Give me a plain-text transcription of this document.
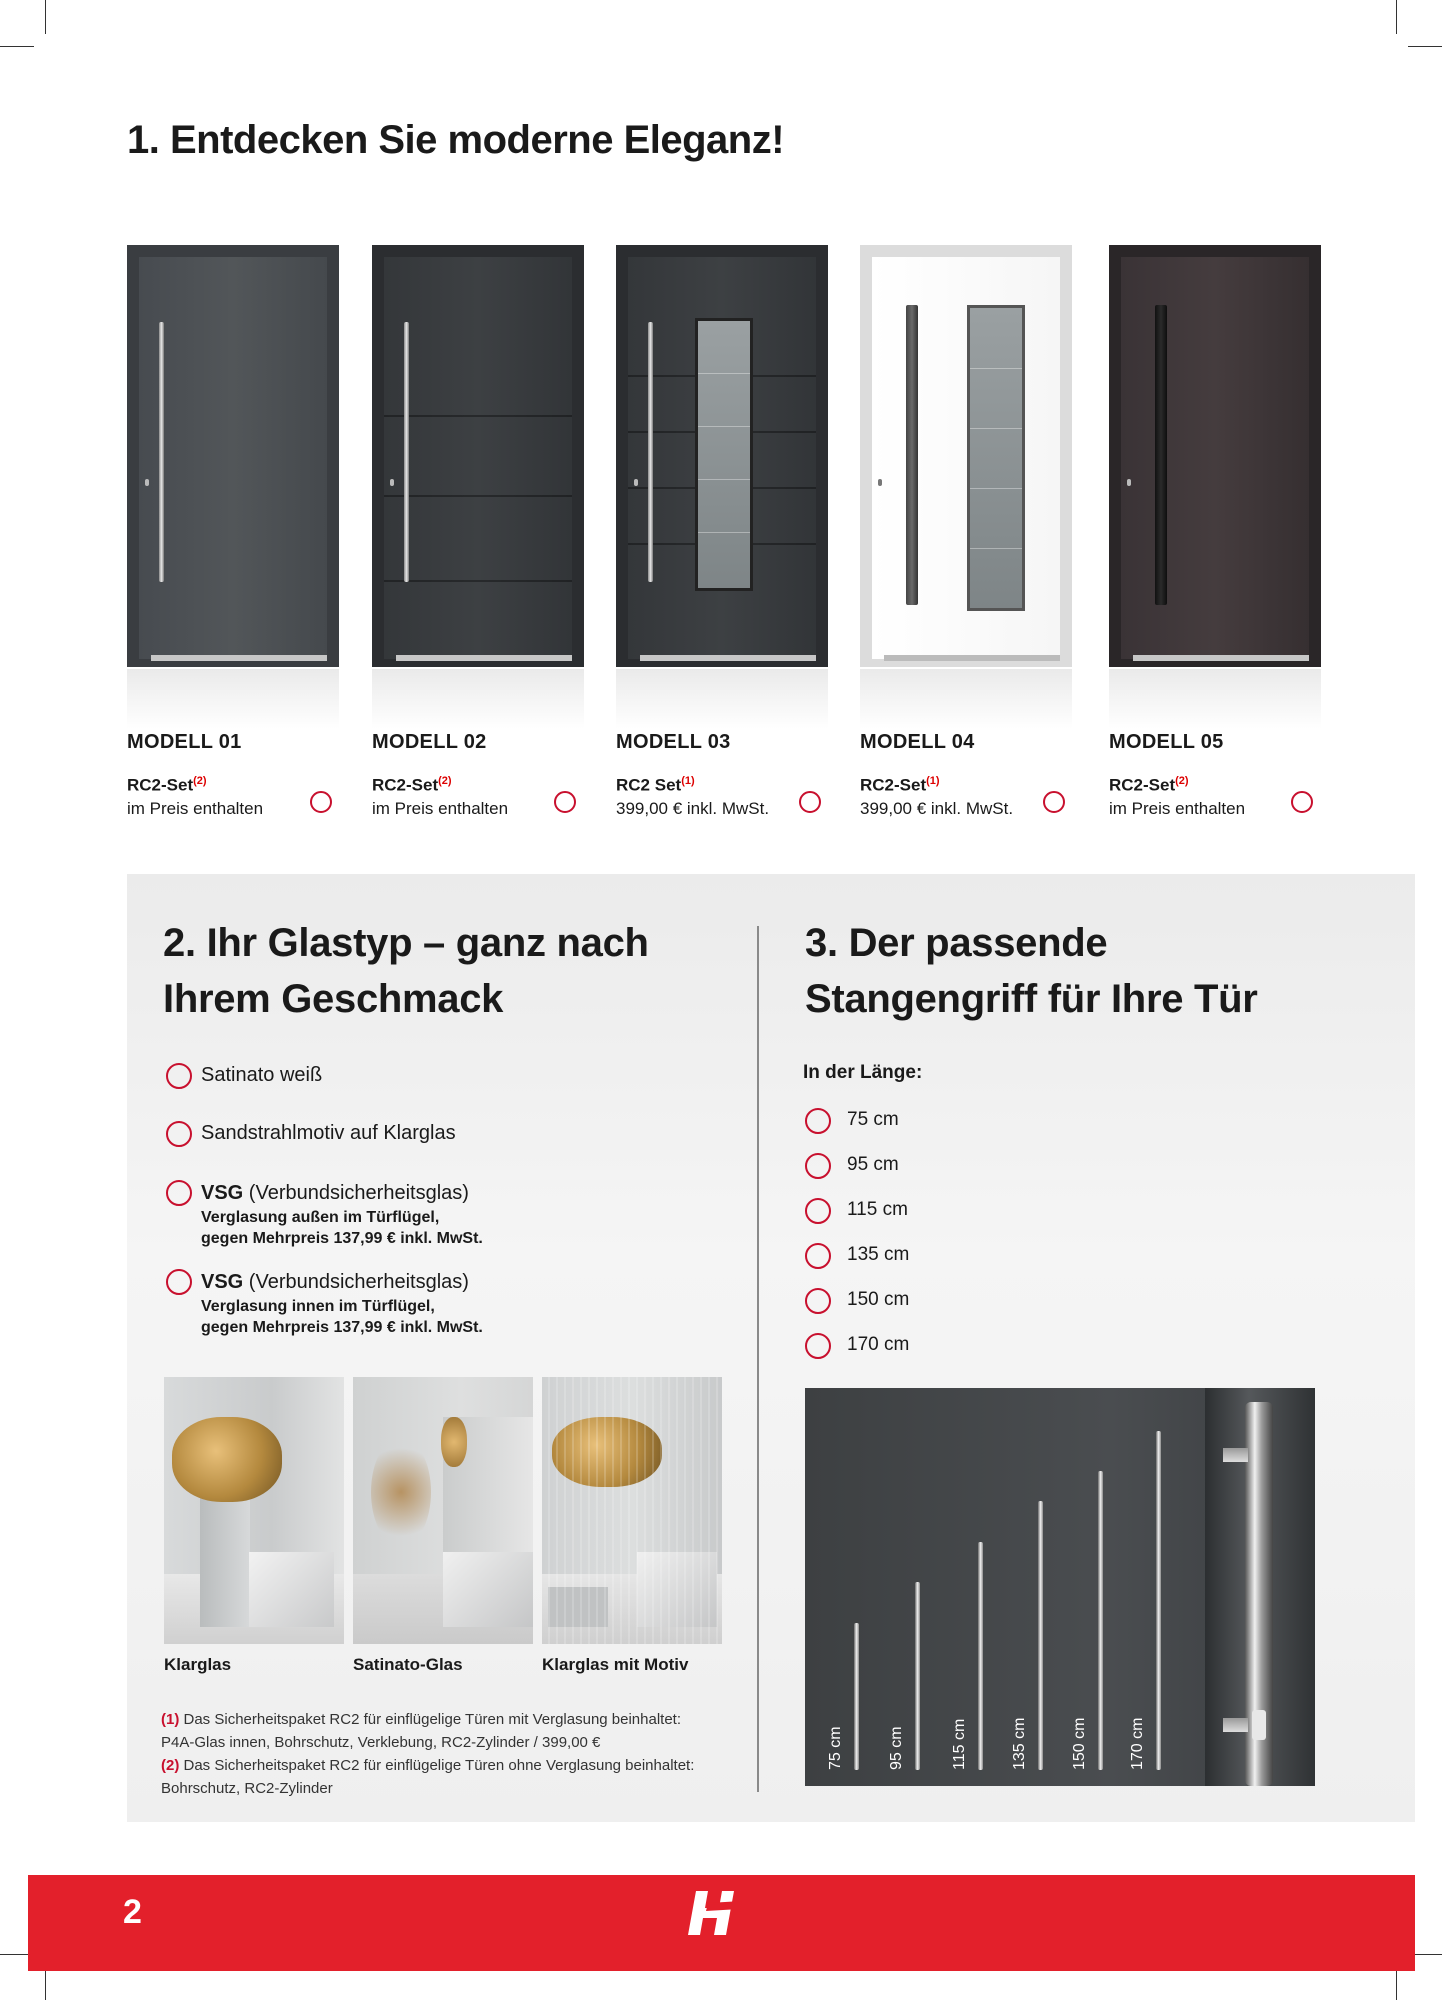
1. Entdecken Sie moderne Eleganz!
MODELL 01
RC2-Set$^{(2)}$
im Preis enthalten
MODELL 02
RC2-Set$^{(2)}$
im Preis enthalten
MODELL 03
RC2 Set$^{(1)}$
399,00 € inkl. MwSt.
MODELL 04
RC2-Set$^{(1)}$
399,00 € inkl. MwSt.
MODELL 05
RC2-Set$^{(2)}$
im Preis enthalten
2. Ihr Glastyp – ganz nach
Ihrem Geschmack
Satinato weiß
Sandstrahlmotiv auf Klarglas
VSG (Verbundsicherheitsglas)
Verglasung außen im Türflügel,
gegen Mehrpreis 137,99 € inkl. MwSt.
VSG (Verbundsicherheitsglas)
Verglasung innen im Türflügel,
gegen Mehrpreis 137,99 € inkl. MwSt.
Klarglas	Satinato-Glas	Klarglas mit Motiv
(1) Das Sicherheitspaket RC2 für einflügelige Türen mit Verglasung beinhaltet:
P4A-Glas innen, Bohrschutz, Verklebung, RC2-Zylinder / 399,00 €
(2) Das Sicherheitspaket RC2 für einflügelige Türen ohne Verglasung beinhaltet:
Bohrschutz, RC2-Zylinder
3. Der passende
Stangengriff für Ihre Tür
In der Länge:
75 cm
95 cm
115 cm
135 cm
150 cm
170 cm
75 cm	95 cm	115 cm	135 cm	150 cm	170 cm
2
